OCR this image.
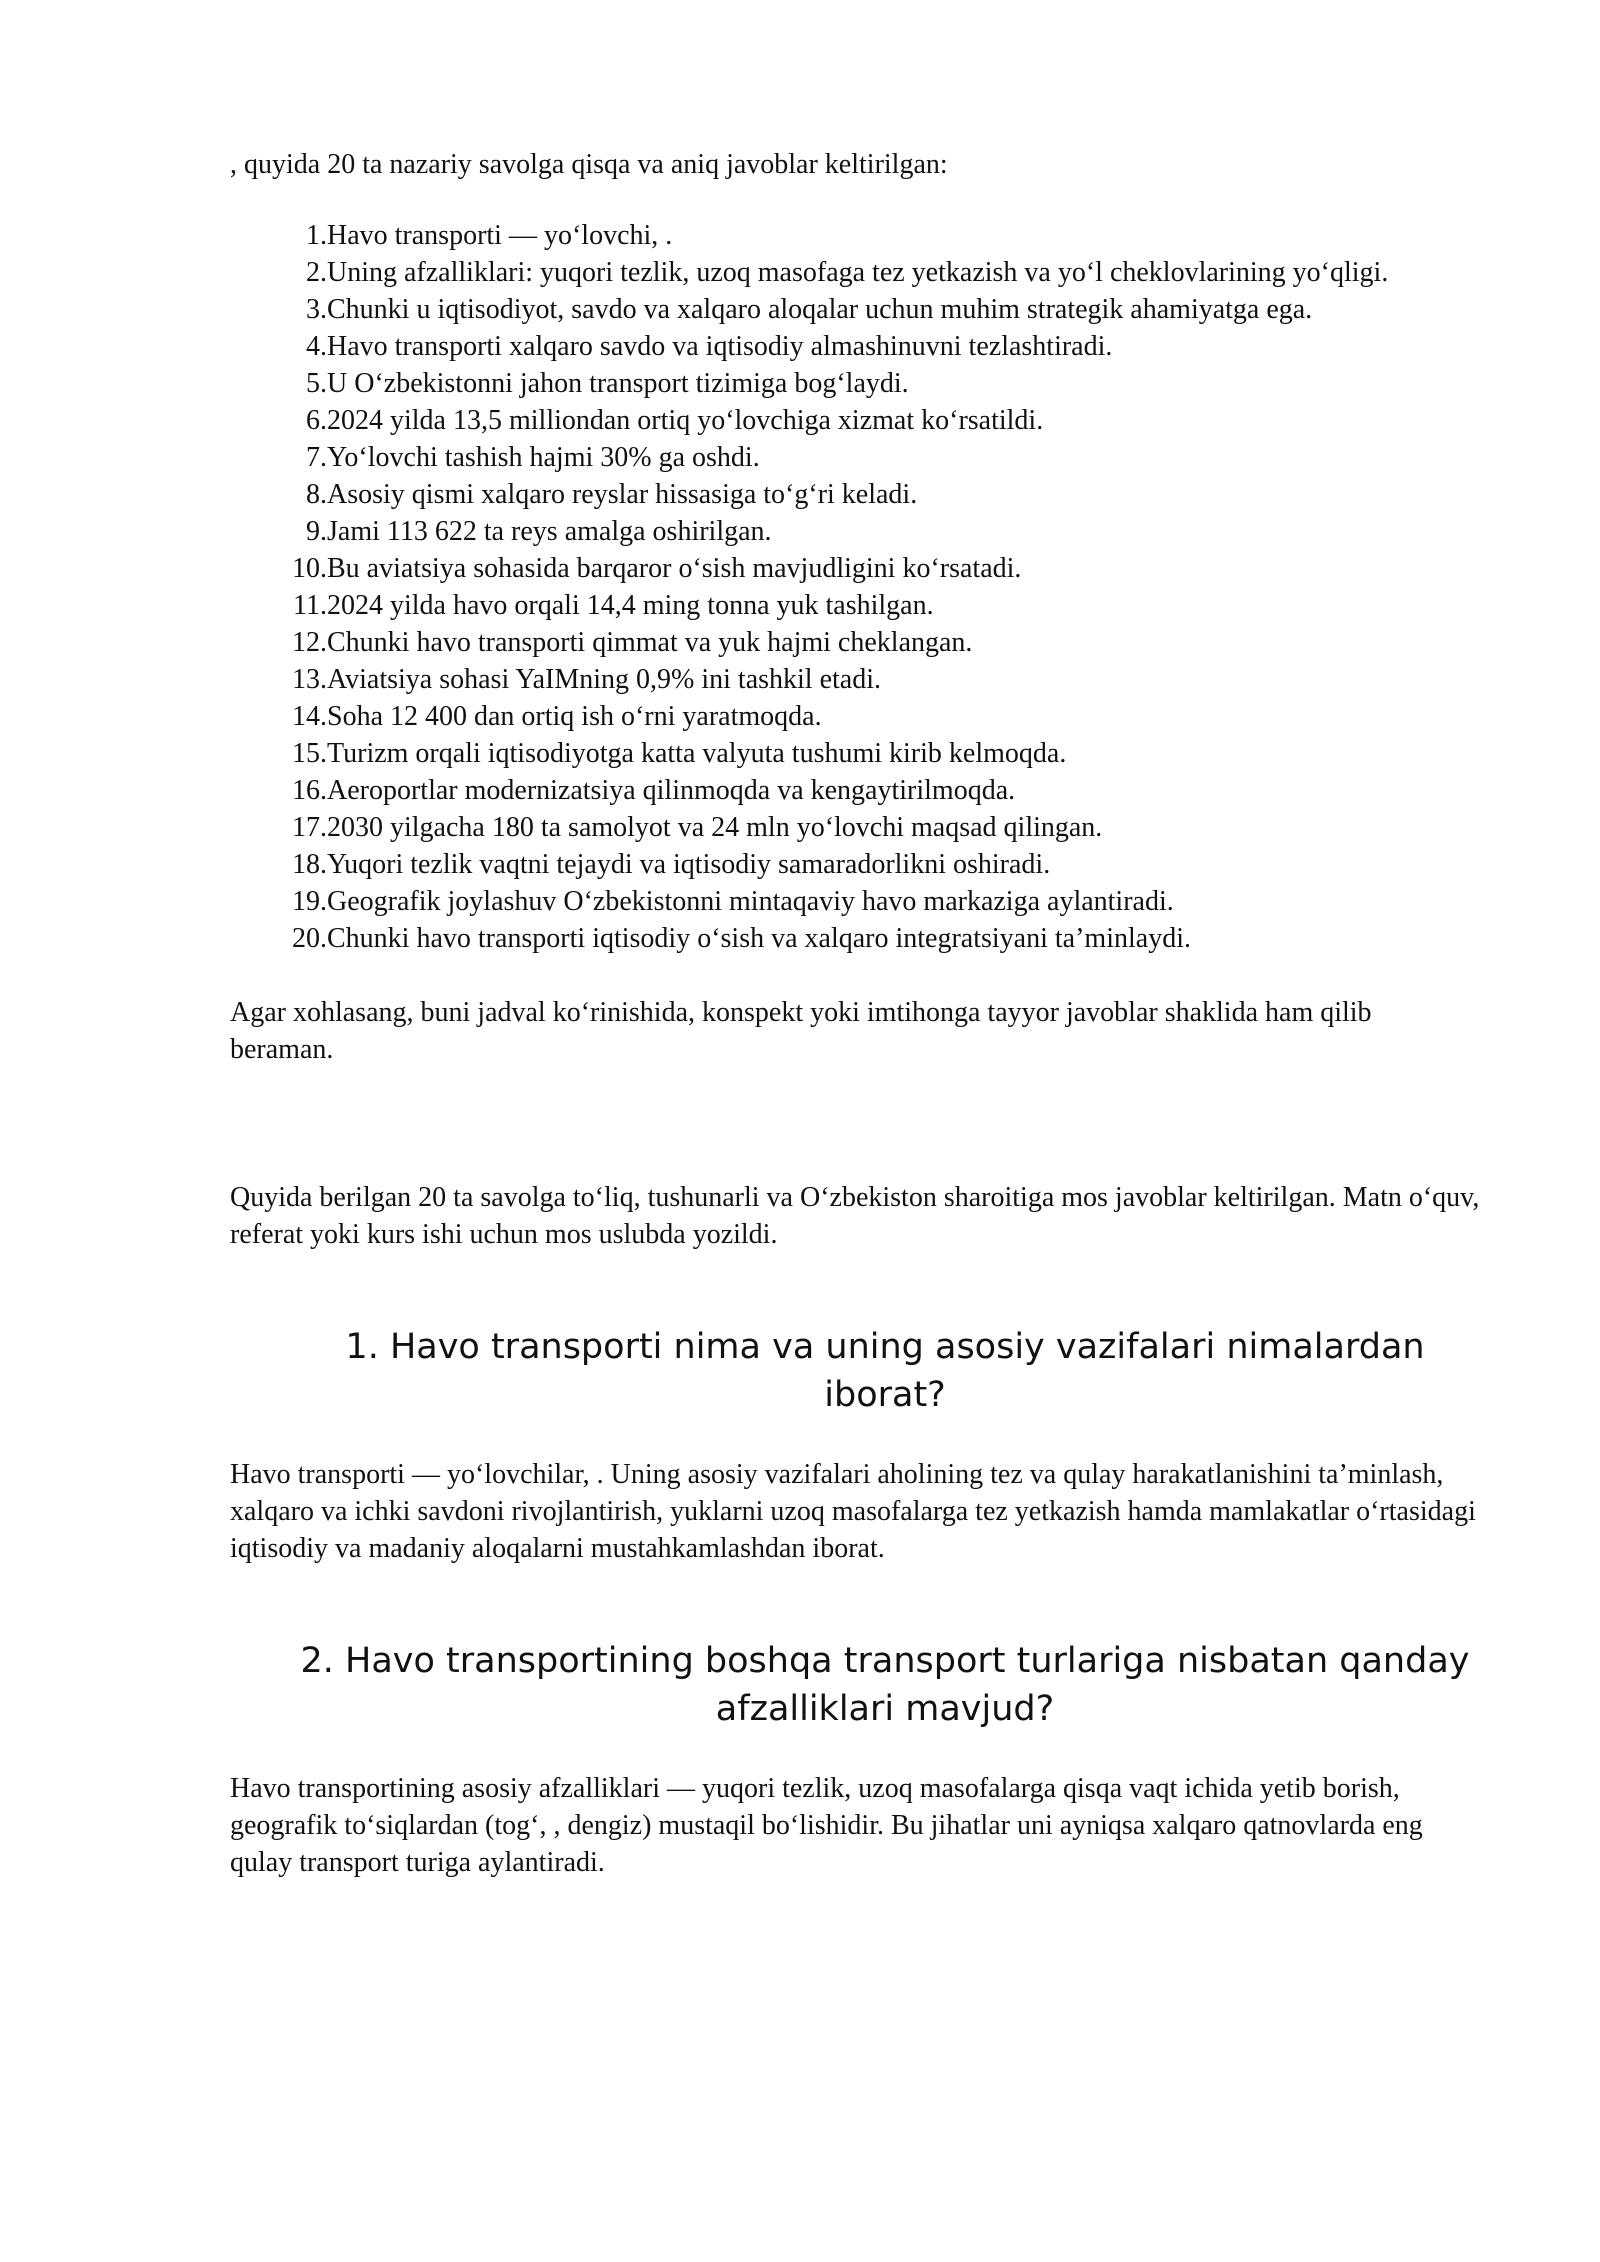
, quyida 20 ta nazariy savolga qisqa va aniq javoblar keltirilgan:

1. Havo transporti — yo‘lovchi, .
2. Uning afzalliklari: yuqori tezlik, uzoq masofaga tez yetkazish va yo‘l cheklovlarining yo‘qligi.
3. Chunki u iqtisodiyot, savdo va xalqaro aloqalar uchun muhim strategik ahamiyatga ega.
4. Havo transporti xalqaro savdo va iqtisodiy almashinuvni tezlashtiradi.
5. U O‘zbekistonni jahon transport tizimiga bog‘laydi.
6. 2024 yilda 13,5 milliondan ortiq yo‘lovchiga xizmat ko‘rsatildi.
7. Yo‘lovchi tashish hajmi 30% ga oshdi.
8. Asosiy qismi xalqaro reyslar hissasiga to‘g‘ri keladi.
9. Jami 113 622 ta reys amalga oshirilgan.
10. Bu aviatsiya sohasida barqaror o‘sish mavjudligini ko‘rsatadi.
11. 2024 yilda havo orqali 14,4 ming tonna yuk tashilgan.
12. Chunki havo transporti qimmat va yuk hajmi cheklangan.
13. Aviatsiya sohasi YaIMning 0,9% ini tashkil etadi.
14. Soha 12 400 dan ortiq ish o‘rni yaratmoqda.
15. Turizm orqali iqtisodiyotga katta valyuta tushumi kirib kelmoqda.
16. Aeroportlar modernizatsiya qilinmoqda va kengaytirilmoqda.
17. 2030 yilgacha 180 ta samolyot va 24 mln yo‘lovchi maqsad qilingan.
18. Yuqori tezlik vaqtni tejaydi va iqtisodiy samaradorlikni oshiradi.
19. Geografik joylashuv O‘zbekistonni mintaqaviy havo markaziga aylantiradi.
20. Chunki havo transporti iqtisodiy o‘sish va xalqaro integratsiyani ta’minlaydi.

Agar xohlasang, buni jadval ko‘rinishida, konspekt yoki imtihonga tayyor javoblar shaklida ham qilib beraman.

Quyida berilgan 20 ta savolga to‘liq, tushunarli va O‘zbekiston sharoitiga mos javoblar keltirilgan. Matn o‘quv, referat yoki kurs ishi uchun mos uslubda yozildi.

1. Havo transporti nima va uning asosiy vazifalari nimalardan iborat?

Havo transporti — yo‘lovchilar, . Uning asosiy vazifalari aholining tez va qulay harakatlanishini ta’minlash, xalqaro va ichki savdoni rivojlantirish, yuklarni uzoq masofalarga tez yetkazish hamda mamlakatlar o‘rtasidagi iqtisodiy va madaniy aloqalarni mustahkamlashdan iborat.

2. Havo transportining boshqa transport turlariga nisbatan qanday afzalliklari mavjud?

Havo transportining asosiy afzalliklari — yuqori tezlik, uzoq masofalarga qisqa vaqt ichida yetib borish, geografik to‘siqlardan (tog‘, , dengiz) mustaqil bo‘lishidir. Bu jihatlar uni ayniqsa xalqaro qatnovlarda eng qulay transport turiga aylantiradi.
